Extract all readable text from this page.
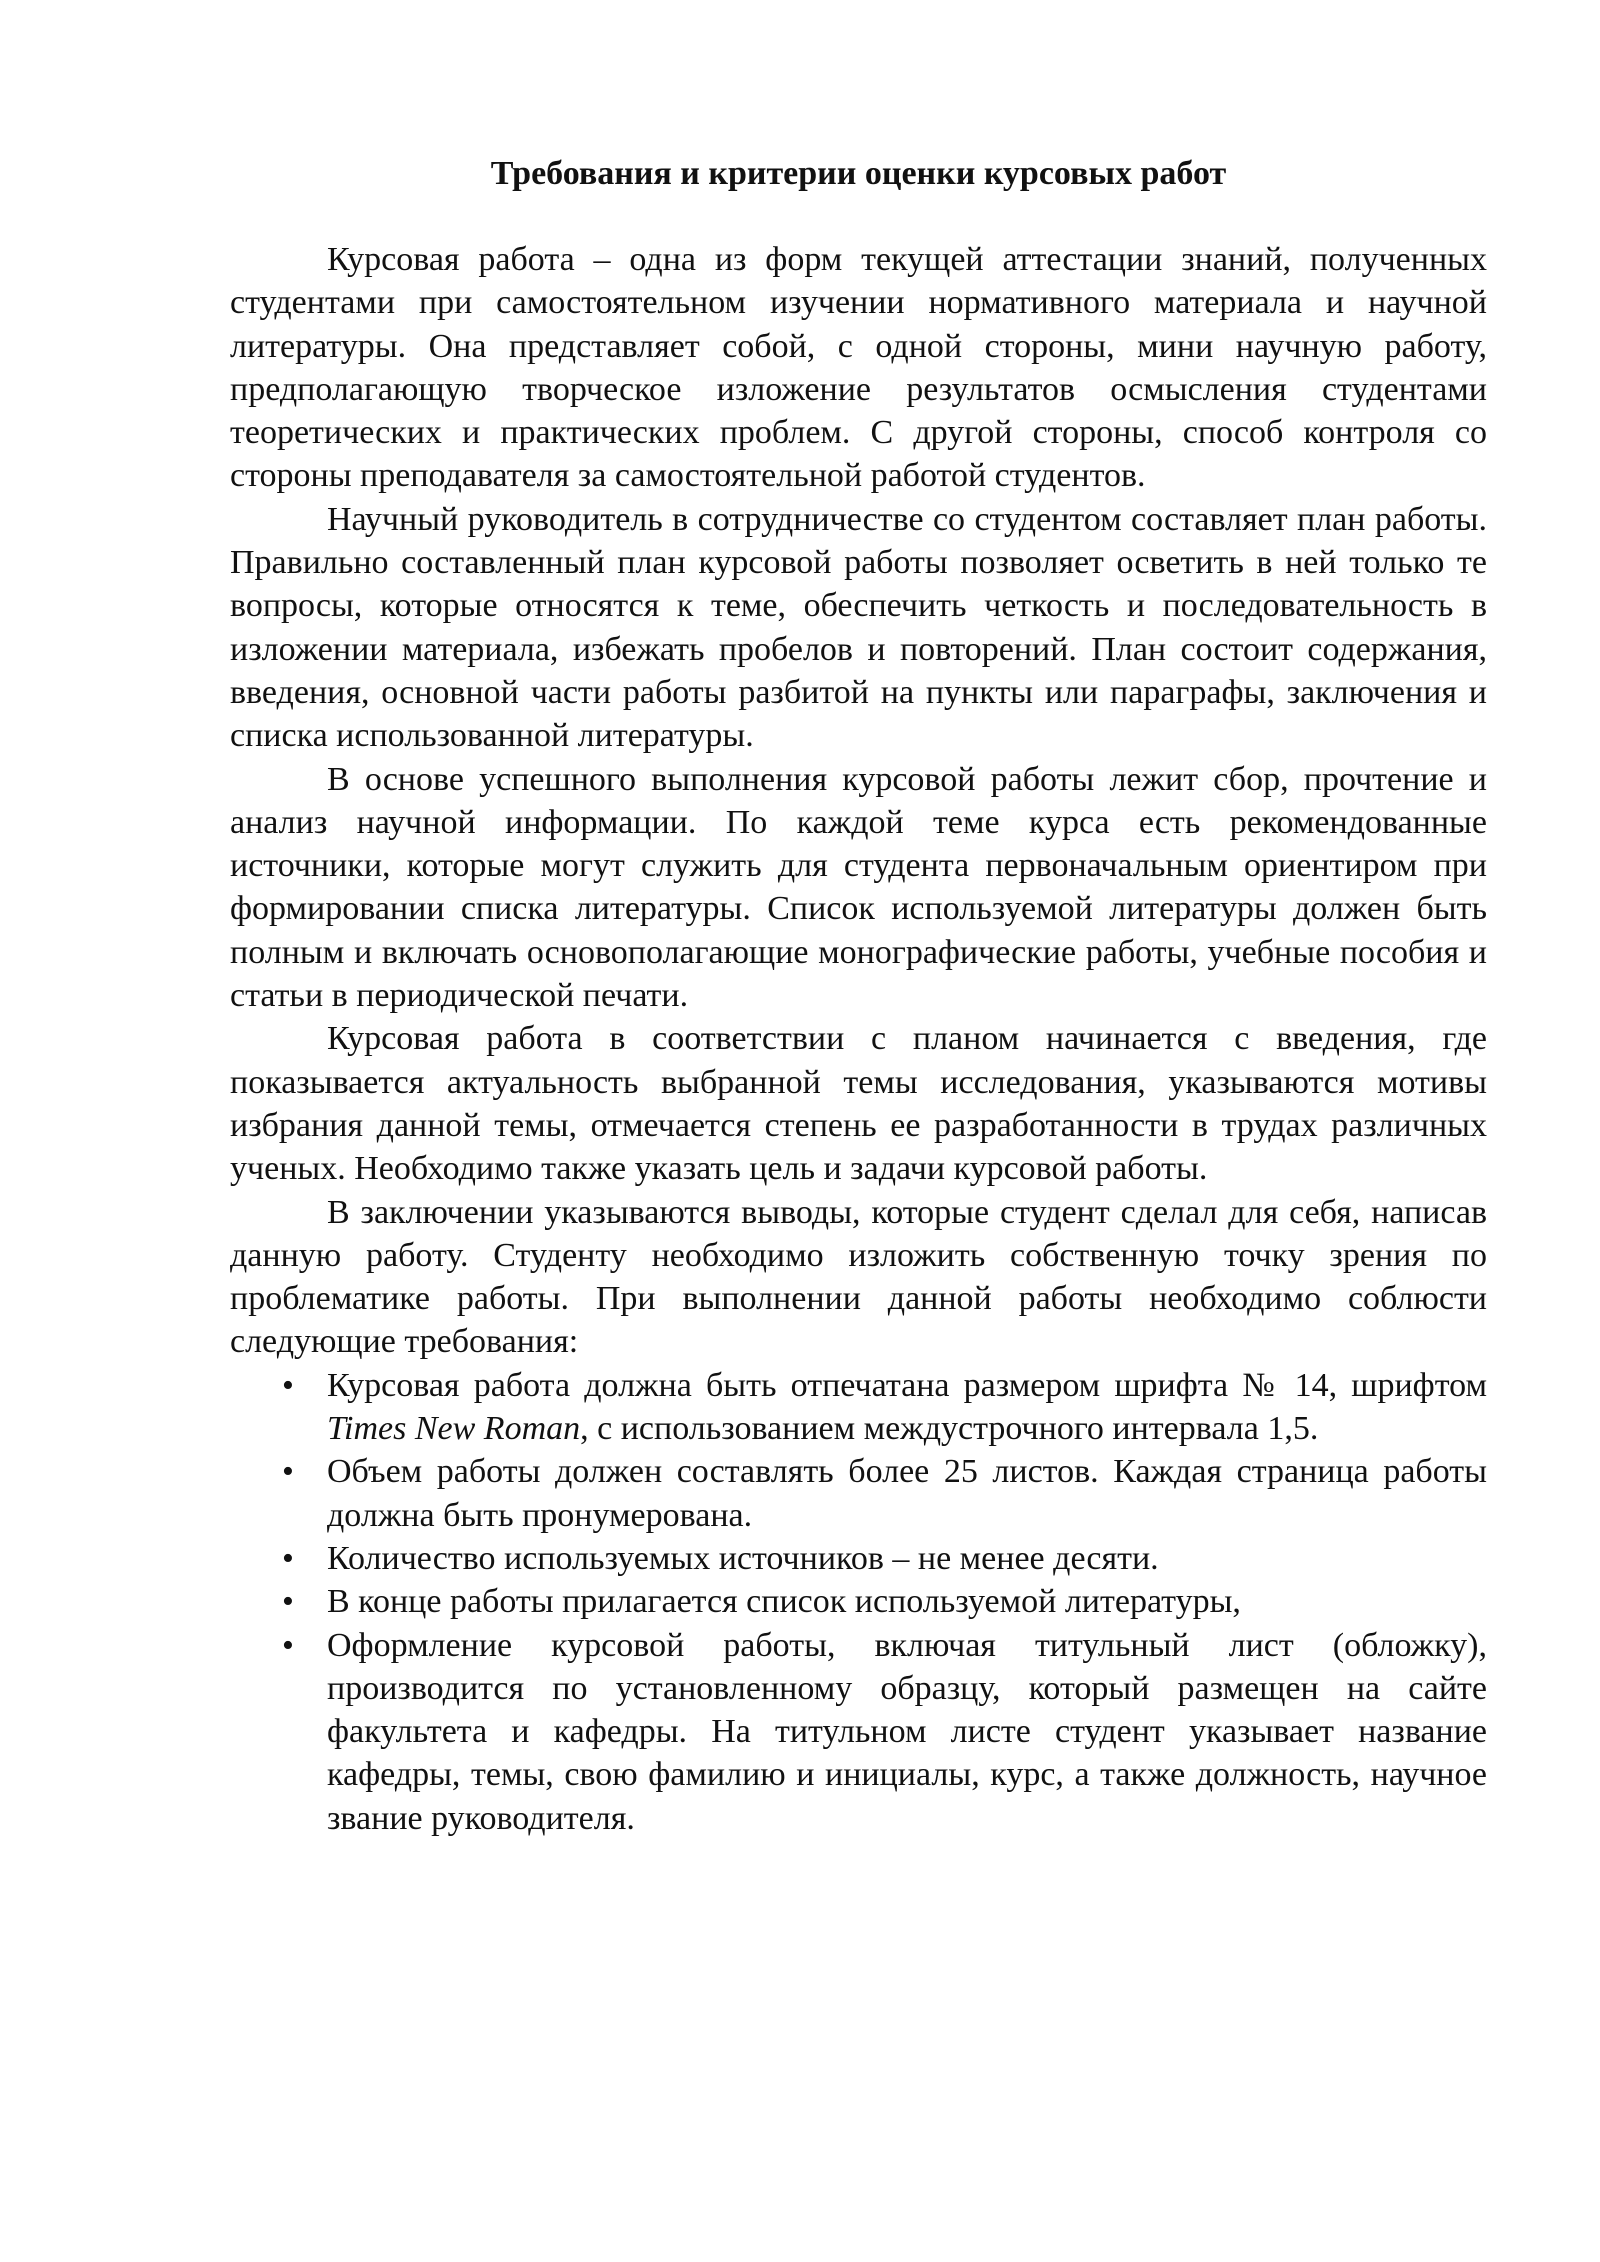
Требования и критерии оценки курсовых работ

Курсовая работа – одна из форм текущей аттестации знаний, полученных студентами при самостоятельном изучении нормативного материала и научной литературы. Она представляет собой, с одной стороны, мини научную работу, предполагающую творческое изложение результатов осмысления студентами теоретических и практических проблем. С другой стороны, способ контроля со стороны преподавателя за самостоятельной работой студентов.

Научный руководитель в сотрудничестве со студентом составляет план работы. Правильно составленный план курсовой работы позволяет осветить в ней только те вопросы, которые относятся к теме, обеспечить четкость и последовательность в изложении материала, избежать пробелов и повторений. План состоит содержания, введения, основной части работы разбитой на пункты или параграфы, заключения и списка использованной литературы.

В основе успешного выполнения курсовой работы лежит сбор, прочтение и анализ научной информации. По каждой теме курса есть рекомендованные источники, которые могут служить для студента первоначальным ориентиром при формировании списка литературы. Список используемой литературы должен быть полным и включать основополагающие монографические работы, учебные пособия и статьи в периодической печати.

Курсовая работа в соответствии с планом начинается с введения, где показывается актуальность выбранной темы исследования, указываются мотивы избрания данной темы, отмечается степень ее разработанности в трудах различных ученых. Необходимо также указать цель и задачи курсовой работы.

В заключении указываются выводы, которые студент сделал для себя, написав данную работу. Студенту необходимо изложить собственную точку зрения по проблематике работы. При выполнении данной работы необходимо соблюсти следующие требования:

• Курсовая работа должна быть отпечатана размером шрифта № 14, шрифтом Times New Roman, с использованием междустрочного интервала 1,5.
• Объем работы должен составлять более 25 листов. Каждая страница работы должна быть пронумерована.
• Количество используемых источников – не менее десяти.
• В конце работы прилагается список используемой литературы,
• Оформление курсовой работы, включая титульный лист (обложку), производится по установленному образцу, который размещен на сайте факультета и кафедры. На титульном листе студент указывает название кафедры, темы, свою фамилию и инициалы, курс, а также должность, научное звание руководителя.
